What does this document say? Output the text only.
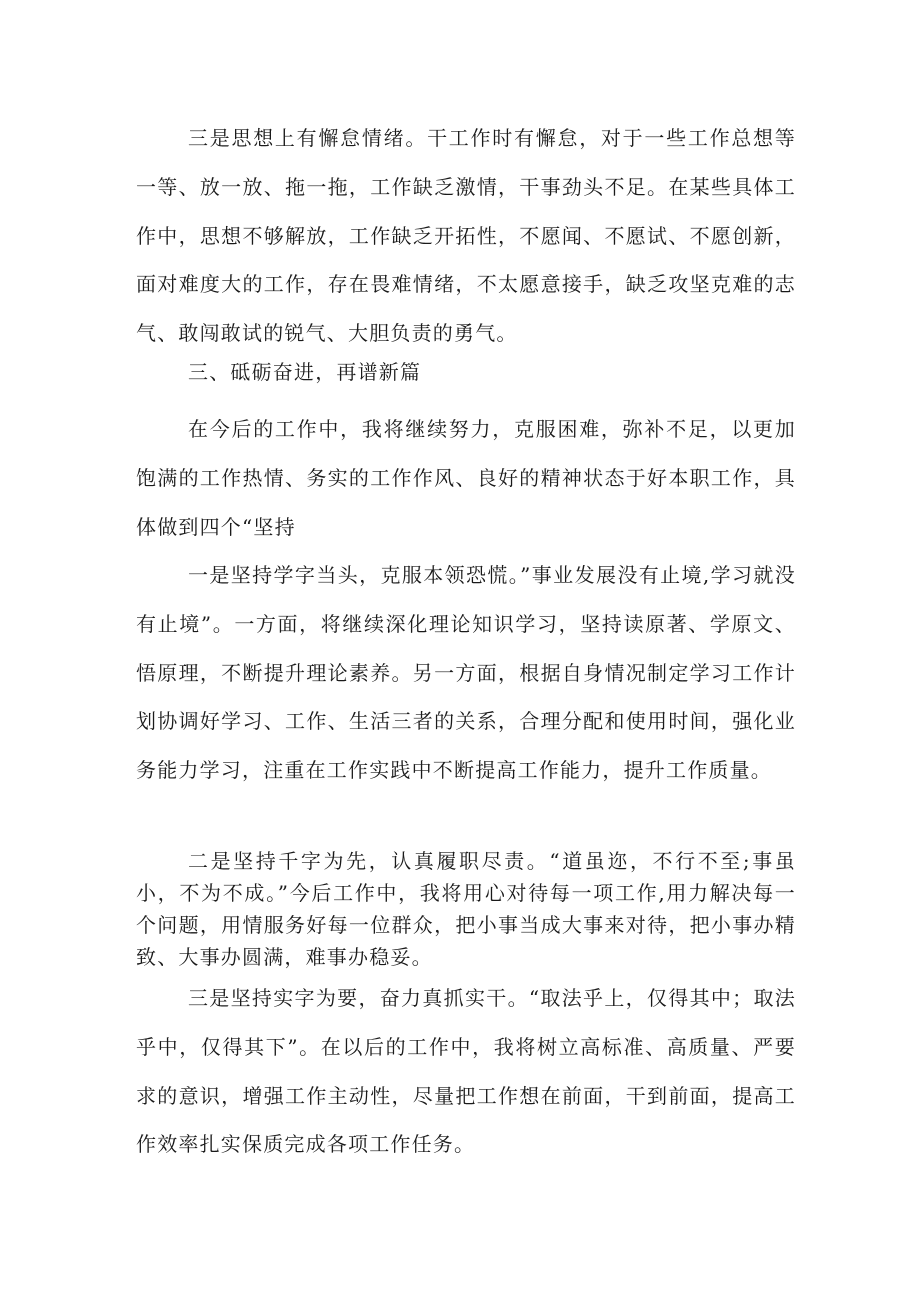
三是思想上有懈怠情绪。干工作时有懈怠，对于一些工作总想等一等、放一放、拖一拖，工作缺乏激情，干事劲头不足。在某些具体工作中，思想不够解放，工作缺乏开拓性，不愿闻、不愿试、不愿创新，面对难度大的工作，存在畏难情绪，不太愿意接手，缺乏攻坚克难的志气、敢闯敢试的锐气、大胆负责的勇气。

三、砥砺奋进，再谱新篇

在今后的工作中，我将继续努力，克服困难，弥补不足，以更加饱满的工作热情、务实的工作作风、良好的精神状态于好本职工作，具体做到四个“坚持

一是坚持学字当头，克服本领恐慌。”事业发展没有止境,学习就没有止境”。一方面，将继续深化理论知识学习，坚持读原著、学原文、悟原理，不断提升理论素养。另一方面，根据自身情况制定学习工作计划协调好学习、工作、生活三者的关系，合理分配和使用时间，强化业务能力学习，注重在工作实践中不断提高工作能力，提升工作质量。

二是坚持千字为先，认真履职尽责。“道虽迩，不行不至;事虽小，不为不成。”今后工作中，我将用心对待每一项工作,用力解决每一个问题，用情服务好每一位群众，把小事当成大事来对待，把小事办精致、大事办圆满，难事办稳妥。

三是坚持实字为要，奋力真抓实干。“取法乎上，仅得其中；取法乎中，仅得其下”。在以后的工作中，我将树立高标准、高质量、严要求的意识，增强工作主动性，尽量把工作想在前面，干到前面，提高工作效率扎实保质完成各项工作任务。
